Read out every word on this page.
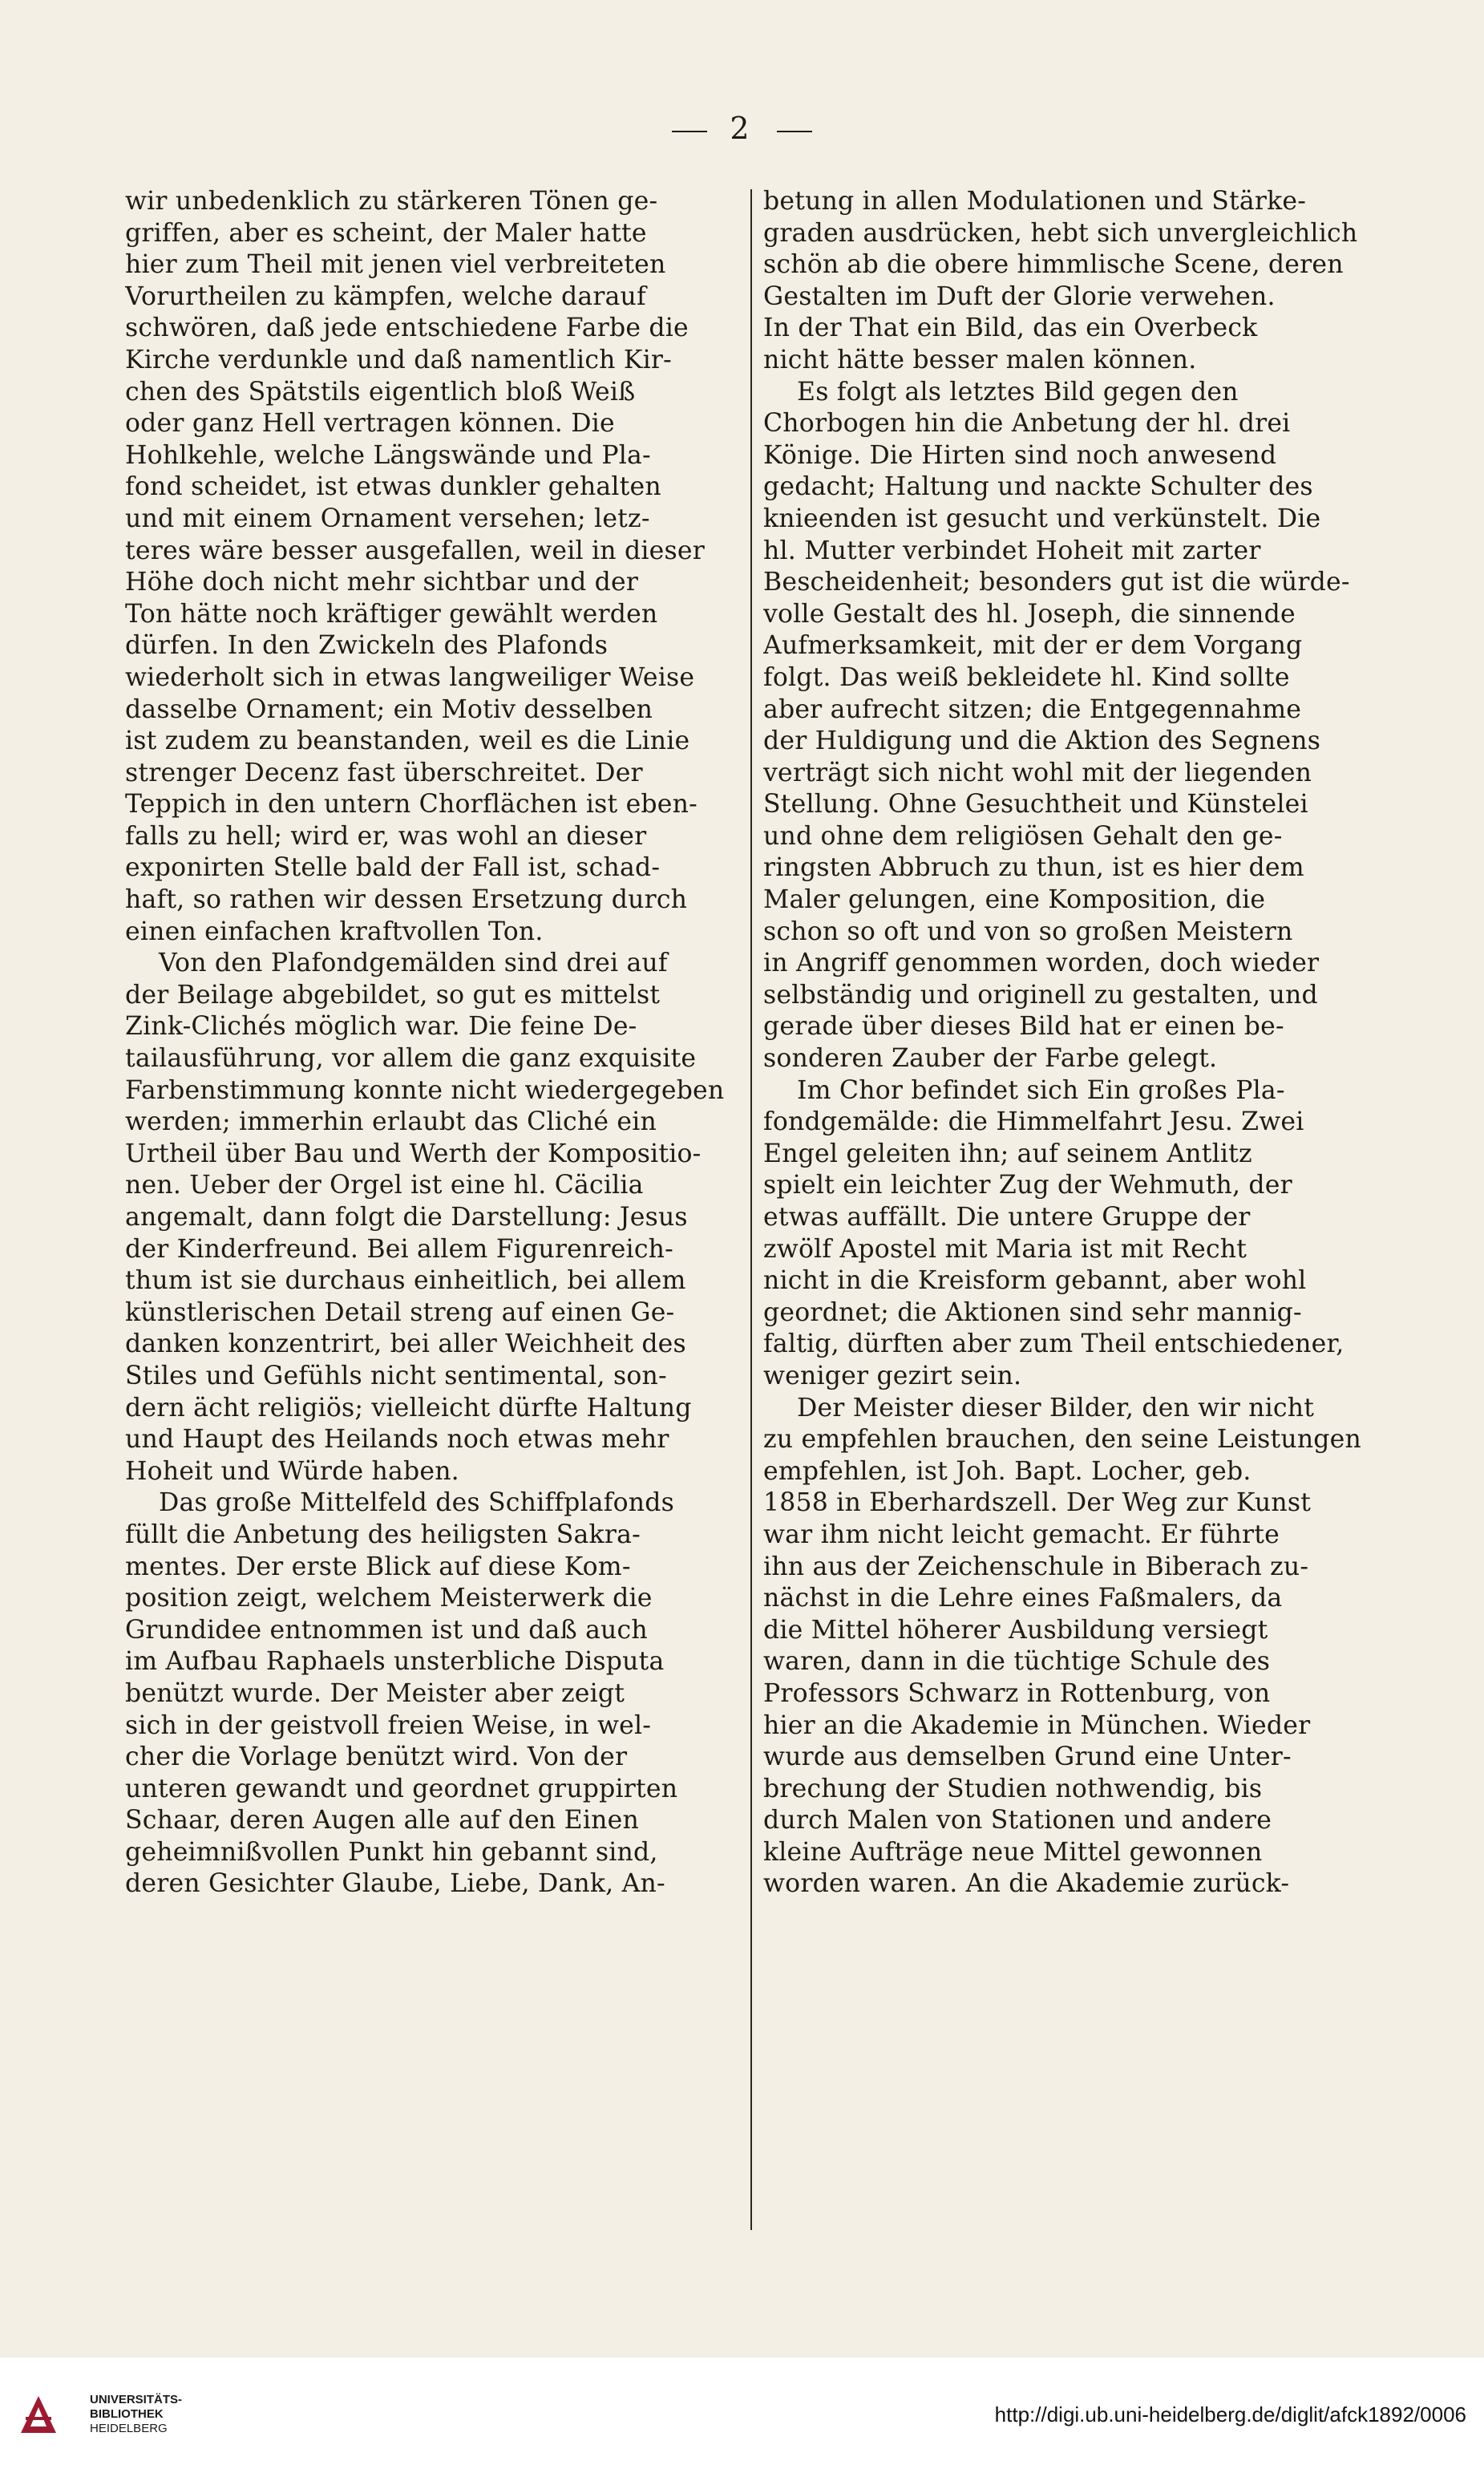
2
wir unbedenklich zu stärkeren Tönen ge-
griffen, aber es scheint, der Maler hatte
hier zum Theil mit jenen viel verbreiteten
Vorurtheilen zu kämpfen, welche darauf
schwören, daß jede entschiedene Farbe die
Kirche verdunkle und daß namentlich Kir-
chen des Spätstils eigentlich bloß Weiß
oder ganz Hell vertragen können. Die
Hohlkehle, welche Längswände und Pla-
fond scheidet, ist etwas dunkler gehalten
und mit einem Ornament versehen; letz-
teres wäre besser ausgefallen, weil in dieser
Höhe doch nicht mehr sichtbar und der
Ton hätte noch kräftiger gewählt werden
dürfen. In den Zwickeln des Plafonds
wiederholt sich in etwas langweiliger Weise
dasselbe Ornament; ein Motiv desselben
ist zudem zu beanstanden, weil es die Linie
strenger Decenz fast überschreitet. Der
Teppich in den untern Chorflächen ist eben-
falls zu hell; wird er, was wohl an dieser
exponirten Stelle bald der Fall ist, schad-
haft, so rathen wir dessen Ersetzung durch
einen einfachen kraftvollen Ton.
Von den Plafondgemälden sind drei auf
der Beilage abgebildet, so gut es mittelst
Zink-Clichés möglich war. Die feine De-
tailausführung, vor allem die ganz exquisite
Farbenstimmung konnte nicht wiedergegeben
werden; immerhin erlaubt das Cliché ein
Urtheil über Bau und Werth der Kompositio-
nen. Ueber der Orgel ist eine hl. Cäcilia
angemalt, dann folgt die Darstellung: Jesus
der Kinderfreund. Bei allem Figurenreich-
thum ist sie durchaus einheitlich, bei allem
künstlerischen Detail streng auf einen Ge-
danken konzentrirt, bei aller Weichheit des
Stiles und Gefühls nicht sentimental, son-
dern ächt religiös; vielleicht dürfte Haltung
und Haupt des Heilands noch etwas mehr
Hoheit und Würde haben.
Das große Mittelfeld des Schiffplafonds
füllt die Anbetung des heiligsten Sakra-
mentes. Der erste Blick auf diese Kom-
position zeigt, welchem Meisterwerk die
Grundidee entnommen ist und daß auch
im Aufbau Raphaels unsterbliche Disputa
benützt wurde. Der Meister aber zeigt
sich in der geistvoll freien Weise, in wel-
cher die Vorlage benützt wird. Von der
unteren gewandt und geordnet gruppirten
Schaar, deren Augen alle auf den Einen
geheimnißvollen Punkt hin gebannt sind,
deren Gesichter Glaube, Liebe, Dank, An-
betung in allen Modulationen und Stärke-
graden ausdrücken, hebt sich unvergleichlich
schön ab die obere himmlische Scene, deren
Gestalten im Duft der Glorie verwehen.
In der That ein Bild, das ein Overbeck
nicht hätte besser malen können.
Es folgt als letztes Bild gegen den
Chorbogen hin die Anbetung der hl. drei
Könige. Die Hirten sind noch anwesend
gedacht; Haltung und nackte Schulter des
knieenden ist gesucht und verkünstelt. Die
hl. Mutter verbindet Hoheit mit zarter
Bescheidenheit; besonders gut ist die würde-
volle Gestalt des hl. Joseph, die sinnende
Aufmerksamkeit, mit der er dem Vorgang
folgt. Das weiß bekleidete hl. Kind sollte
aber aufrecht sitzen; die Entgegennahme
der Huldigung und die Aktion des Segnens
verträgt sich nicht wohl mit der liegenden
Stellung. Ohne Gesuchtheit und Künstelei
und ohne dem religiösen Gehalt den ge-
ringsten Abbruch zu thun, ist es hier dem
Maler gelungen, eine Komposition, die
schon so oft und von so großen Meistern
in Angriff genommen worden, doch wieder
selbständig und originell zu gestalten, und
gerade über dieses Bild hat er einen be-
sonderen Zauber der Farbe gelegt.
Im Chor befindet sich Ein großes Pla-
fondgemälde: die Himmelfahrt Jesu. Zwei
Engel geleiten ihn; auf seinem Antlitz
spielt ein leichter Zug der Wehmuth, der
etwas auffällt. Die untere Gruppe der
zwölf Apostel mit Maria ist mit Recht
nicht in die Kreisform gebannt, aber wohl
geordnet; die Aktionen sind sehr mannig-
faltig, dürften aber zum Theil entschiedener,
weniger gezirt sein.
Der Meister dieser Bilder, den wir nicht
zu empfehlen brauchen, den seine Leistungen
empfehlen, ist Joh. Bapt. Locher, geb.
1858 in Eberhardszell. Der Weg zur Kunst
war ihm nicht leicht gemacht. Er führte
ihn aus der Zeichenschule in Biberach zu-
nächst in die Lehre eines Faßmalers, da
die Mittel höherer Ausbildung versiegt
waren, dann in die tüchtige Schule des
Professors Schwarz in Rottenburg, von
hier an die Akademie in München. Wieder
wurde aus demselben Grund eine Unter-
brechung der Studien nothwendig, bis
durch Malen von Stationen und andere
kleine Aufträge neue Mittel gewonnen
worden waren. An die Akademie zurück-
UNIVERSITÄTS-
BIBLIOTHEK
HEIDELBERG
http://digi.ub.uni-heidelberg.de/diglit/afck1892/0006
